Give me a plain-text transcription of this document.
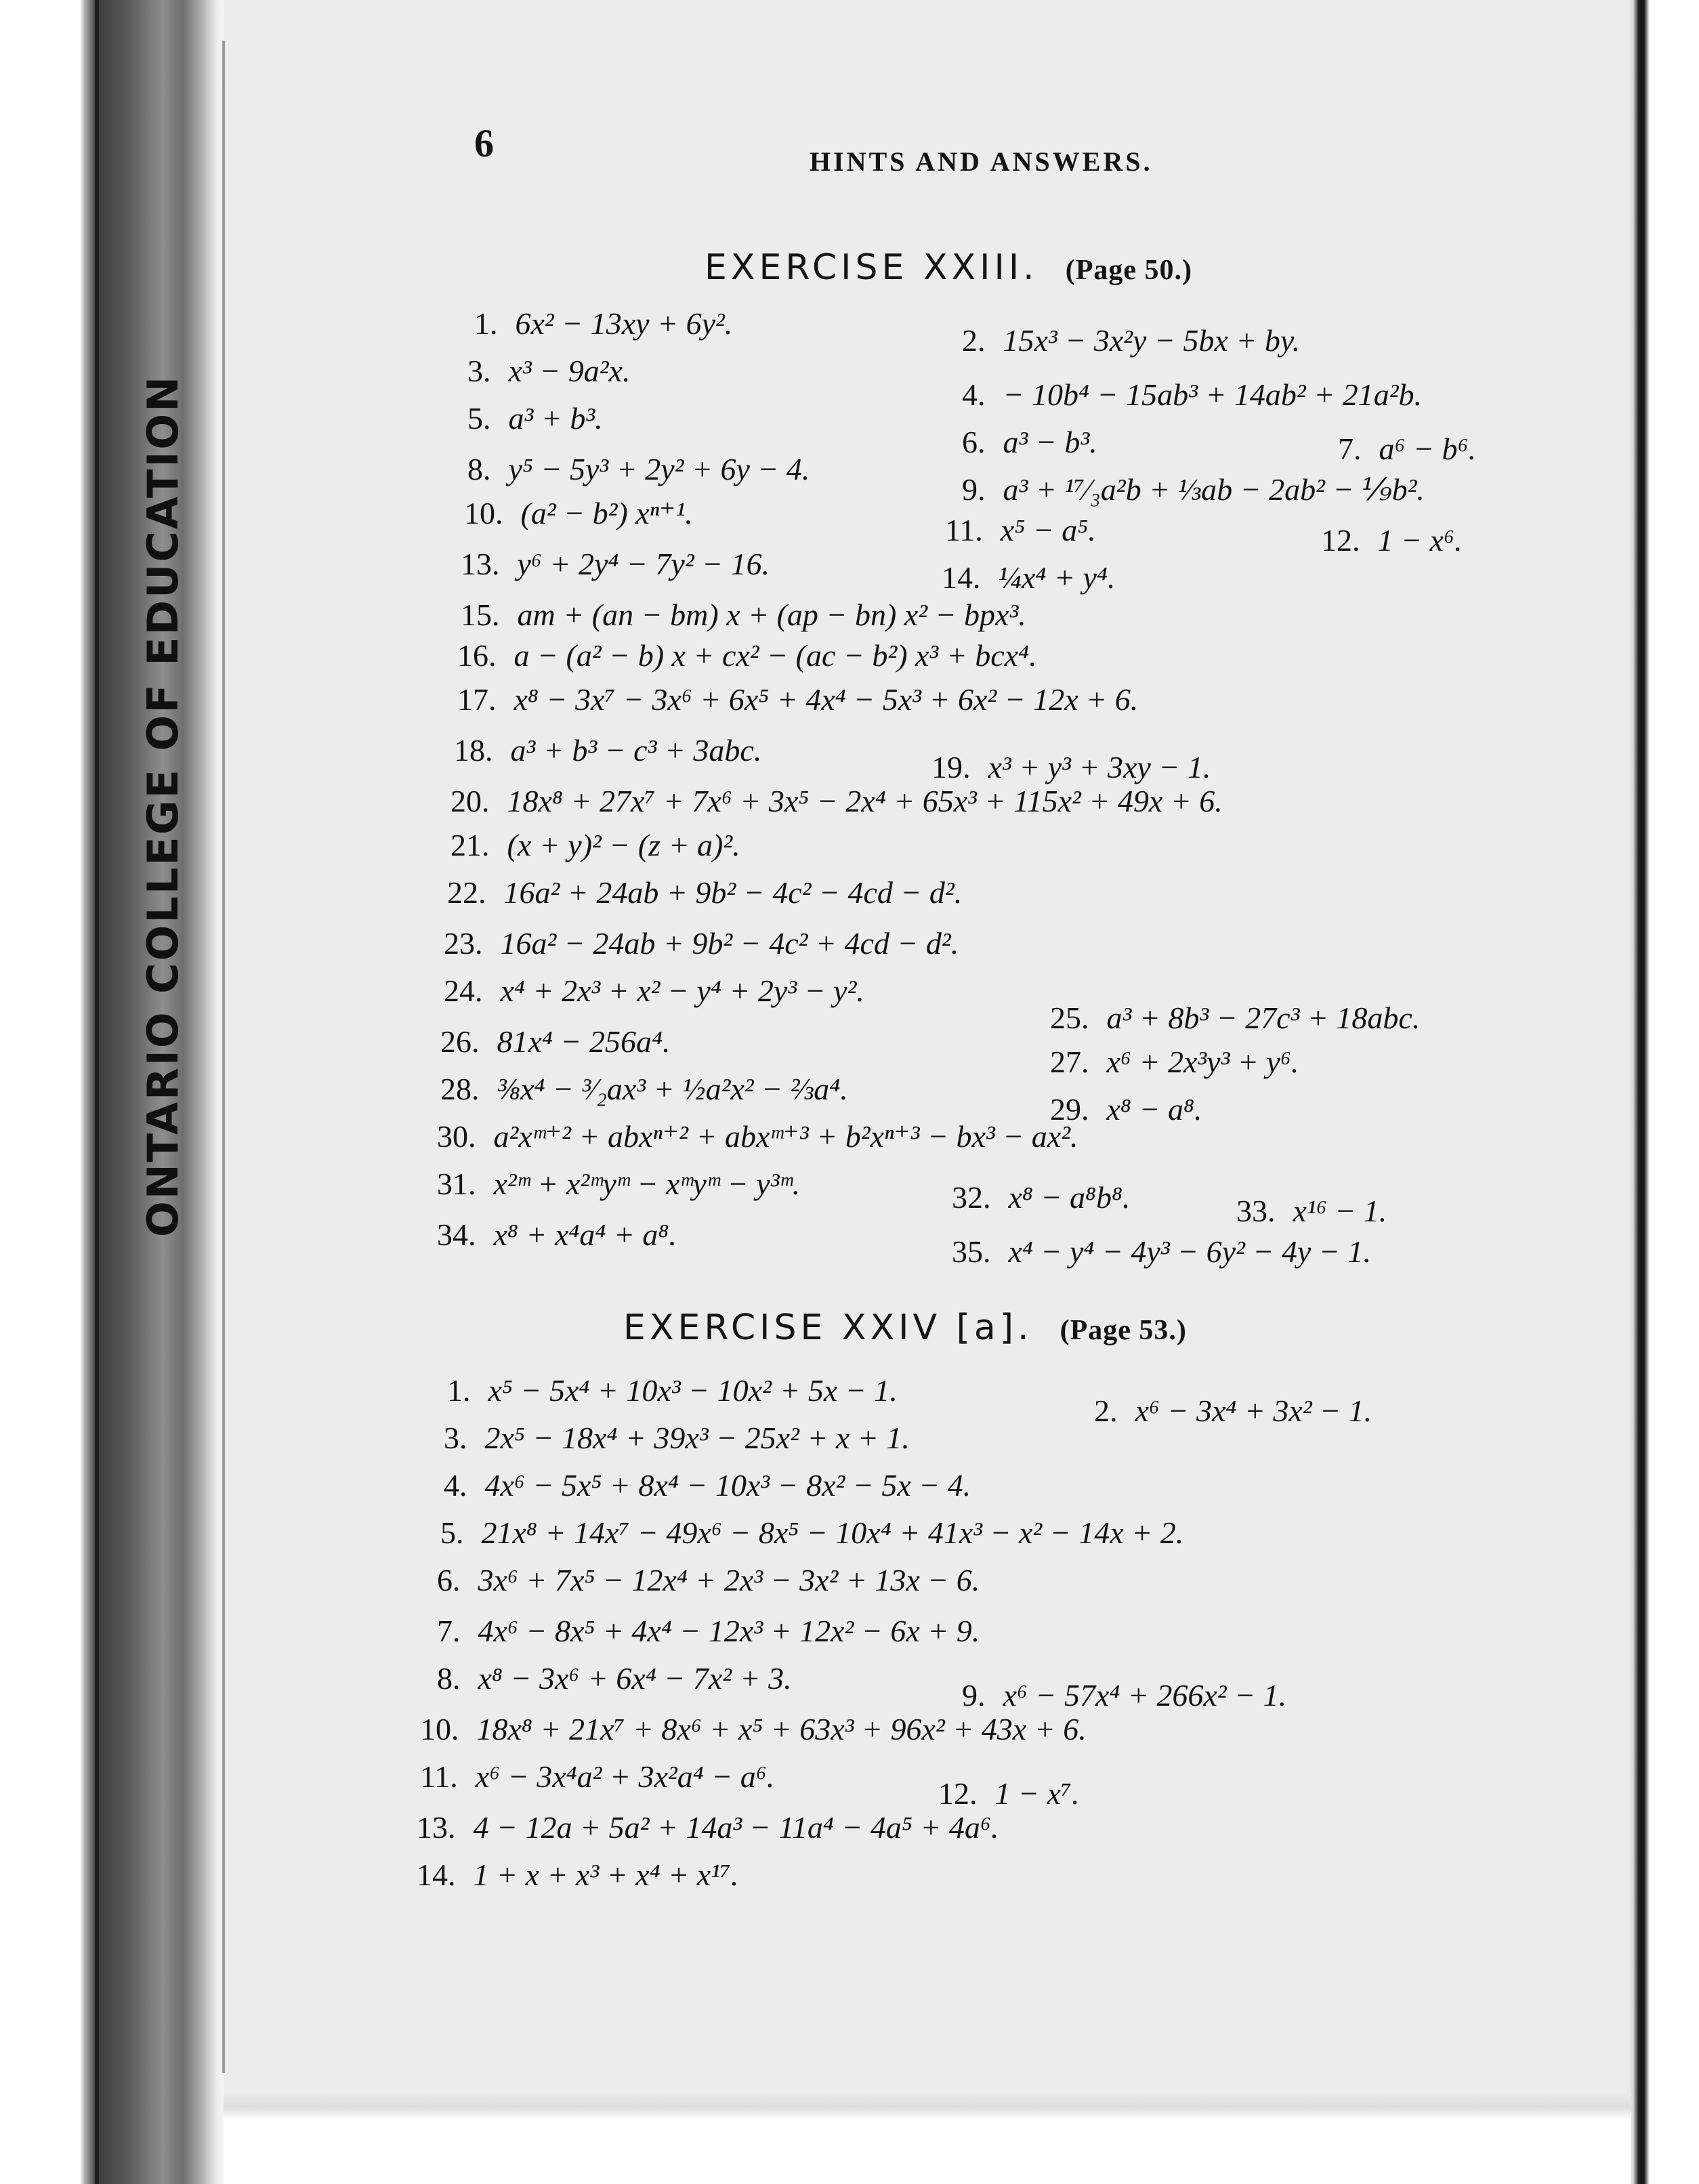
ONTARIO COLLEGE OF EDUCATION
6	HINTS AND ANSWERS.
EXERCISE XXIII. (Page 50.)
1. 6x² − 13xy + 6y².	2. 15x³ − 3x²y − 5bx + by.
3. x³ − 9a²x.
4. − 10b⁴ − 15ab³ + 14ab² + 21a²b.
5. a³ + b³.
6. a³ − b³.	7. a⁶ − b⁶.
8. y⁵ − 5y³ + 2y² + 6y − 4.
9. a³ + ¹⁷⁄₃a²b + ⅓ab − 2ab² − ⅑b².
10. (a² − b²) xⁿ⁺¹.	11. x⁵ − a⁵.	12. 1 − x⁶.
13. y⁶ + 2y⁴ − 7y² − 16.	14. ¼x⁴ + y⁴.
15. am + (an − bm) x + (ap − bn) x² − bpx³.
16. a − (a² − b) x + cx² − (ac − b²) x³ + bcx⁴.
17. x⁸ − 3x⁷ − 3x⁶ + 6x⁵ + 4x⁴ − 5x³ + 6x² − 12x + 6.
18. a³ + b³ − c³ + 3abc.	19. x³ + y³ + 3xy − 1.
20. 18x⁸ + 27x⁷ + 7x⁶ + 3x⁵ − 2x⁴ + 65x³ + 115x² + 49x + 6.
21. (x + y)² − (z + a)².
22. 16a² + 24ab + 9b² − 4c² − 4cd − d².
23. 16a² − 24ab + 9b² − 4c² + 4cd − d².
24. x⁴ + 2x³ + x² − y⁴ + 2y³ − y².
25. a³ + 8b³ − 27c³ + 18abc.
26. 81x⁴ − 256a⁴.
27. x⁶ + 2x³y³ + y⁶.
28. ⅜x⁴ − ³⁄₂ax³ + ½a²x² − ⅔a⁴.
29. x⁸ − a⁸.
30. a²xᵐ⁺² + abxⁿ⁺² + abxᵐ⁺³ + b²xⁿ⁺³ − bx³ − ax².
31. x²ᵐ + x²ᵐyᵐ − xᵐyᵐ − y³ᵐ.	32. x⁸ − a⁸b⁸.	33. x¹⁶ − 1.
34. x⁸ + x⁴a⁴ + a⁸.	35. x⁴ − y⁴ − 4y³ − 6y² − 4y − 1.
EXERCISE XXIV [a]. (Page 53.)
1. x⁵ − 5x⁴ + 10x³ − 10x² + 5x − 1.
2. x⁶ − 3x⁴ + 3x² − 1.
3. 2x⁵ − 18x⁴ + 39x³ − 25x² + x + 1.
4. 4x⁶ − 5x⁵ + 8x⁴ − 10x³ − 8x² − 5x − 4.
5. 21x⁸ + 14x⁷ − 49x⁶ − 8x⁵ − 10x⁴ + 41x³ − x² − 14x + 2.
6. 3x⁶ + 7x⁵ − 12x⁴ + 2x³ − 3x² + 13x − 6.
7. 4x⁶ − 8x⁵ + 4x⁴ − 12x³ + 12x² − 6x + 9.
8. x⁸ − 3x⁶ + 6x⁴ − 7x² + 3.	9. x⁶ − 57x⁴ + 266x² − 1.
10. 18x⁸ + 21x⁷ + 8x⁶ + x⁵ + 63x³ + 96x² + 43x + 6.
11. x⁶ − 3x⁴a² + 3x²a⁴ − a⁶.	12. 1 − x⁷.
13. 4 − 12a + 5a² + 14a³ − 11a⁴ − 4a⁵ + 4a⁶.
14. 1 + x + x³ + x⁴ + x¹⁷.
